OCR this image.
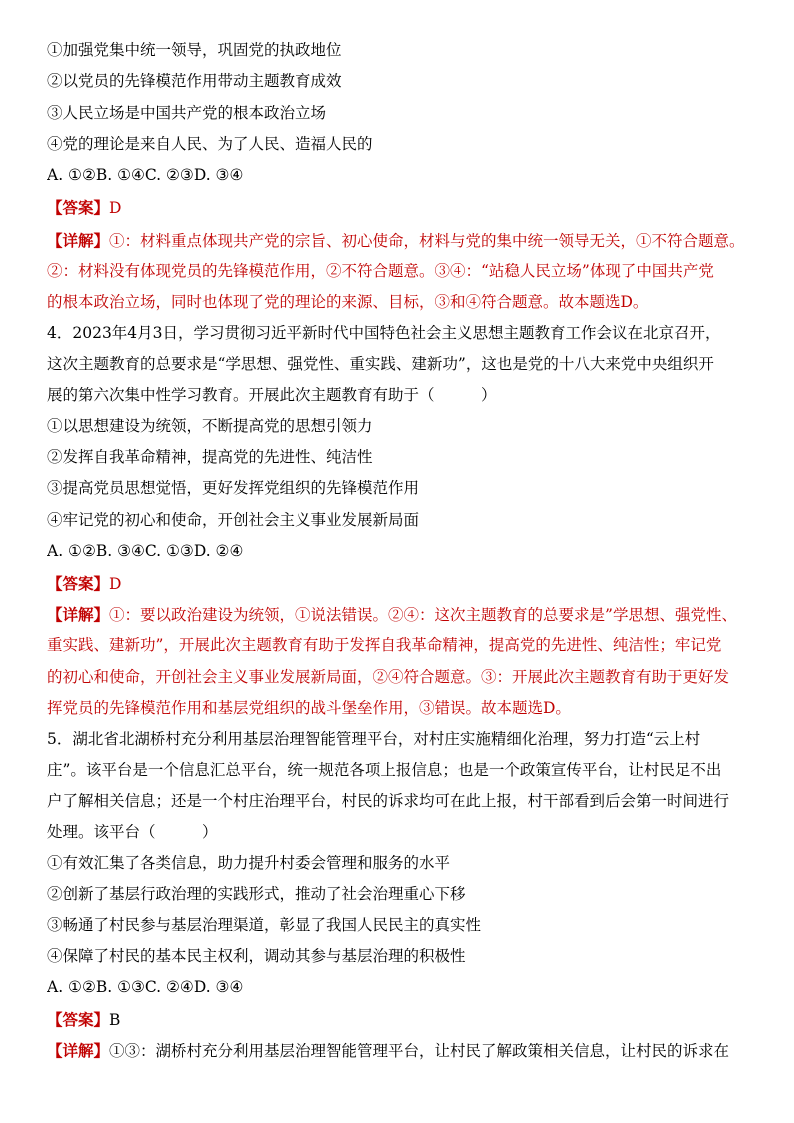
①加强党集中统一领导，巩固党的执政地位
②以党员的先锋模范作用带动主题教育成效
③人民立场是中国共产党的根本政治立场
④党的理论是来自人民、为了人民、造福人民的
A. ①②B. ①④C. ②③D. ③④
【答案】D
【详解】①：材料重点体现共产党的宗旨、初心使命，材料与党的集中统一领导无关，①不符合题意。
②：材料没有体现党员的先锋模范作用，②不符合题意。③④：“站稳人民立场”体现了中国共产党
的根本政治立场，同时也体现了党的理论的来源、目标，③和④符合题意。故本题选D。
4．2023年4月3日，学习贯彻习近平新时代中国特色社会主义思想主题教育工作会议在北京召开，
这次主题教育的总要求是“学思想、强党性、重实践、建新功”，这也是党的十八大来党中央组织开
展的第六次集中性学习教育。开展此次主题教育有助于（　　　）
①以思想建设为统领，不断提高党的思想引领力
②发挥自我革命精神，提高党的先进性、纯洁性
③提高党员思想觉悟，更好发挥党组织的先锋模范作用
④牢记党的初心和使命，开创社会主义事业发展新局面
A. ①②B. ③④C. ①③D. ②④
【答案】D
【详解】①：要以政治建设为统领，①说法错误。②④：这次主题教育的总要求是”学思想、强党性、
重实践、建新功”，开展此次主题教育有助于发挥自我革命精神，提高党的先进性、纯洁性；牢记党
的初心和使命，开创社会主义事业发展新局面，②④符合题意。③：开展此次主题教育有助于更好发
挥党员的先锋模范作用和基层党组织的战斗堡垒作用，③错误。故本题选D。
5．湖北省北湖桥村充分利用基层治理智能管理平台，对村庄实施精细化治理，努力打造“云上村
庄”。该平台是一个信息汇总平台，统一规范各项上报信息；也是一个政策宣传平台，让村民足不出
户了解相关信息；还是一个村庄治理平台，村民的诉求均可在此上报，村干部看到后会第一时间进行
处理。该平台（　　　）
①有效汇集了各类信息，助力提升村委会管理和服务的水平
②创新了基层行政治理的实践形式，推动了社会治理重心下移
③畅通了村民参与基层治理渠道，彰显了我国人民民主的真实性
④保障了村民的基本民主权利，调动其参与基层治理的积极性
A. ①②B. ①③C. ②④D. ③④
【答案】B
【详解】①③：湖桥村充分利用基层治理智能管理平台，让村民了解政策相关信息，让村民的诉求在
